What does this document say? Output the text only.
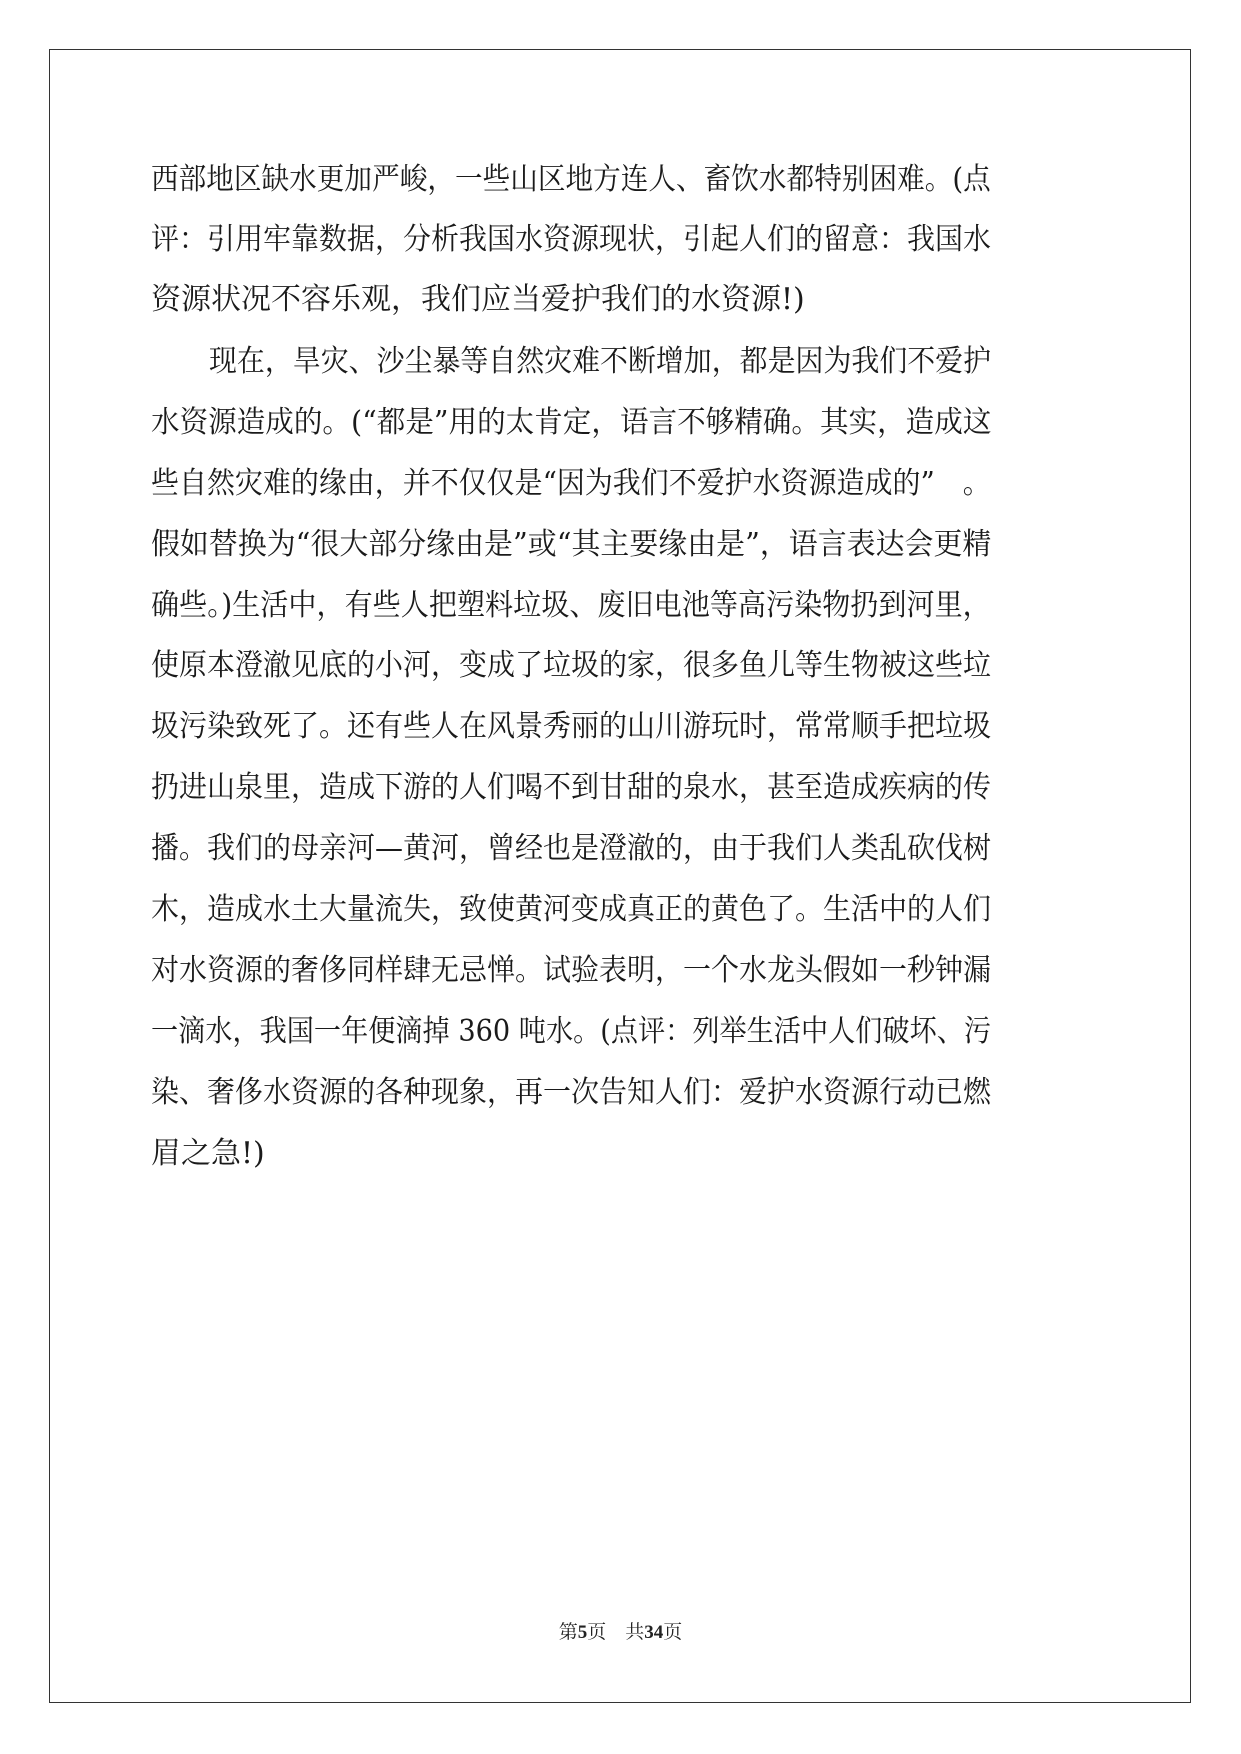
西部地区缺水更加严峻，一些山区地方连人、畜饮水都特别困难。(点
评：引用牢靠数据，分析我国水资源现状，引起人们的留意：我国水
资源状况不容乐观，我们应当爱护我们的水资源!)
现在，旱灾、沙尘暴等自然灾难不断增加，都是因为我们不爱护
水资源造成的。(“都是”用的太肯定，语言不够精确。其实，造成这
些自然灾难的缘由，并不仅仅是“因为我们不爱护水资源造成的”　。
假如替换为“很大部分缘由是”或“其主要缘由是”，语言表达会更精
确些。)生活中，有些人把塑料垃圾、废旧电池等高污染物扔到河里，
使原本澄澈见底的小河，变成了垃圾的家，很多鱼儿等生物被这些垃
圾污染致死了。还有些人在风景秀丽的山川游玩时，常常顺手把垃圾
扔进山泉里，造成下游的人们喝不到甘甜的泉水，甚至造成疾病的传
播。我们的母亲河—黄河，曾经也是澄澈的，由于我们人类乱砍伐树
木，造成水土大量流失，致使黄河变成真正的黄色了。生活中的人们
对水资源的奢侈同样肆无忌惮。试验表明，一个水龙头假如一秒钟漏
一滴水，我国一年便滴掉 360 吨水。(点评：列举生活中人们破坏、污
染、奢侈水资源的各种现象，再一次告知人们：爱护水资源行动已燃
眉之急!)
第5页　共34页
